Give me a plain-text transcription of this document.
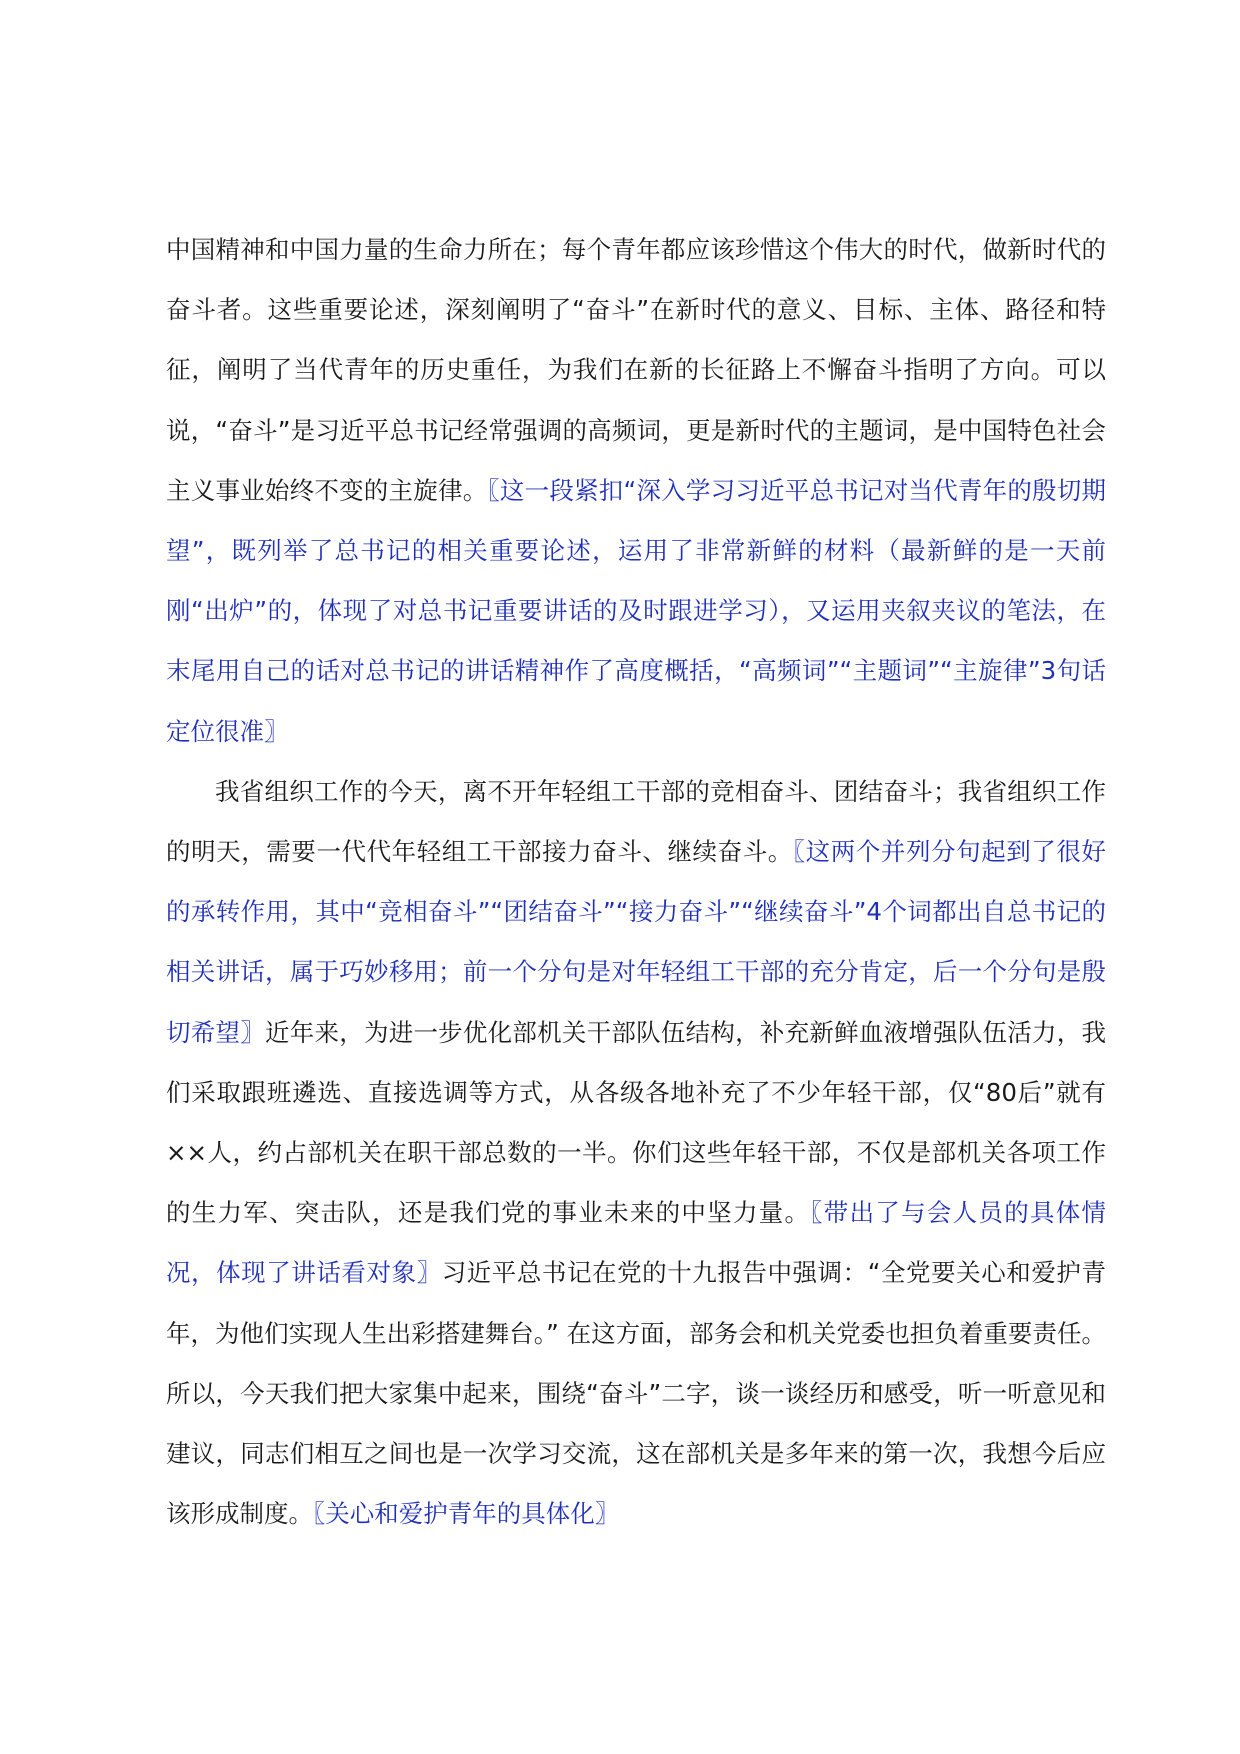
中国精神和中国力量的生命力所在；每个青年都应该珍惜这个伟大的时代，做新时代的奋斗者。这些重要论述，深刻阐明了“奋斗”在新时代的意义、目标、主体、路径和特征，阐明了当代青年的历史重任，为我们在新的长征路上不懈奋斗指明了方向。可以说，“奋斗”是习近平总书记经常强调的高频词，更是新时代的主题词，是中国特色社会主义事业始终不变的主旋律。〖这一段紧扣“深入学习习近平总书记对当代青年的殷切期望”，既列举了总书记的相关重要论述，运用了非常新鲜的材料（最新鲜的是一天前刚“出炉”的，体现了对总书记重要讲话的及时跟进学习），又运用夹叙夹议的笔法，在末尾用自己的话对总书记的讲话精神作了高度概括，“高频词”“主题词”“主旋律”3句话定位很准〗

我省组织工作的今天，离不开年轻组工干部的竞相奋斗、团结奋斗；我省组织工作的明天，需要一代代年轻组工干部接力奋斗、继续奋斗。〖这两个并列分句起到了很好的承转作用，其中“竞相奋斗”“团结奋斗”“接力奋斗”“继续奋斗”4个词都出自总书记的相关讲话，属于巧妙移用；前一个分句是对年轻组工干部的充分肯定，后一个分句是殷切希望〗近年来，为进一步优化部机关干部队伍结构，补充新鲜血液增强队伍活力，我们采取跟班遴选、直接选调等方式，从各级各地补充了不少年轻干部，仅“80后”就有××人，约占部机关在职干部总数的一半。你们这些年轻干部，不仅是部机关各项工作的生力军、突击队，还是我们党的事业未来的中坚力量。〖带出了与会人员的具体情况，体现了讲话看对象〗习近平总书记在党的十九报告中强调：“全党要关心和爱护青年，为他们实现人生出彩搭建舞台。” 在这方面，部务会和机关党委也担负着重要责任。所以，今天我们把大家集中起来，围绕“奋斗”二字，谈一谈经历和感受，听一听意见和建议，同志们相互之间也是一次学习交流，这在部机关是多年来的第一次，我想今后应该形成制度。〖关心和爱护青年的具体化〗
